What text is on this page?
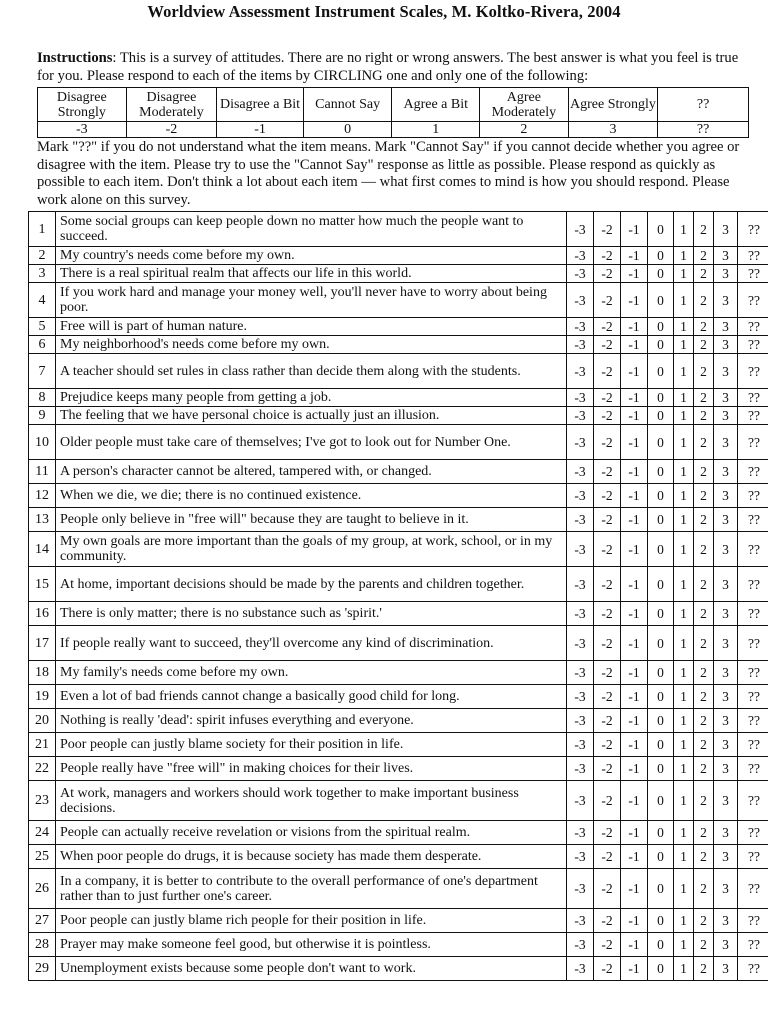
Worldview Assessment Instrument Scales, M. Koltko-Rivera, 2004
Instructions: This is a survey of attitudes. There are no right or wrong answers. The best answer is what you feel is true for you. Please respond to each of the items by CIRCLING one and only one of the following:
Disagree Strongly	Disagree Moderately	Disagree a Bit	Cannot Say	Agree a Bit	Agree Moderately	Agree Strongly	??
-3	-2	-1	0	1	2	3	??
Mark "??" if you do not understand what the item means. Mark "Cannot Say" if you cannot decide whether you agree or disagree with the item. Please try to use the "Cannot Say" response as little as possible. Please respond as quickly as possible to each item. Don't think a lot about each item — what first comes to mind is how you should respond. Please work alone on this survey.
1	Some social groups can keep people down no matter how much the people want to succeed.	-3	-2	-1	0	1	2	3	??
2	My country's needs come before my own.	-3	-2	-1	0	1	2	3	??
3	There is a real spiritual realm that affects our life in this world.	-3	-2	-1	0	1	2	3	??
4	If you work hard and manage your money well, you'll never have to worry about being poor.	-3	-2	-1	0	1	2	3	??
5	Free will is part of human nature.	-3	-2	-1	0	1	2	3	??
6	My neighborhood's needs come before my own.	-3	-2	-1	0	1	2	3	??
7	A teacher should set rules in class rather than decide them along with the students.	-3	-2	-1	0	1	2	3	??
8	Prejudice keeps many people from getting a job.	-3	-2	-1	0	1	2	3	??
9	The feeling that we have personal choice is actually just an illusion.	-3	-2	-1	0	1	2	3	??
10	Older people must take care of themselves; I've got to look out for Number One.	-3	-2	-1	0	1	2	3	??
11	A person's character cannot be altered, tampered with, or changed.	-3	-2	-1	0	1	2	3	??
12	When we die, we die; there is no continued existence.	-3	-2	-1	0	1	2	3	??
13	People only believe in "free will" because they are taught to believe in it.	-3	-2	-1	0	1	2	3	??
14	My own goals are more important than the goals of my group, at work, school, or in my community.	-3	-2	-1	0	1	2	3	??
15	At home, important decisions should be made by the parents and children together.	-3	-2	-1	0	1	2	3	??
16	There is only matter; there is no substance such as 'spirit.'	-3	-2	-1	0	1	2	3	??
17	If people really want to succeed, they'll overcome any kind of discrimination.	-3	-2	-1	0	1	2	3	??
18	My family's needs come before my own.	-3	-2	-1	0	1	2	3	??
19	Even a lot of bad friends cannot change a basically good child for long.	-3	-2	-1	0	1	2	3	??
20	Nothing is really 'dead': spirit infuses everything and everyone.	-3	-2	-1	0	1	2	3	??
21	Poor people can justly blame society for their position in life.	-3	-2	-1	0	1	2	3	??
22	People really have "free will" in making choices for their lives.	-3	-2	-1	0	1	2	3	??
23	At work, managers and workers should work together to make important business decisions.	-3	-2	-1	0	1	2	3	??
24	People can actually receive revelation or visions from the spiritual realm.	-3	-2	-1	0	1	2	3	??
25	When poor people do drugs, it is because society has made them desperate.	-3	-2	-1	0	1	2	3	??
26	In a company, it is better to contribute to the overall performance of one's department rather than to just further one's career.	-3	-2	-1	0	1	2	3	??
27	Poor people can justly blame rich people for their position in life.	-3	-2	-1	0	1	2	3	??
28	Prayer may make someone feel good, but otherwise it is pointless.	-3	-2	-1	0	1	2	3	??
29	Unemployment exists because some people don't want to work.	-3	-2	-1	0	1	2	3	??
